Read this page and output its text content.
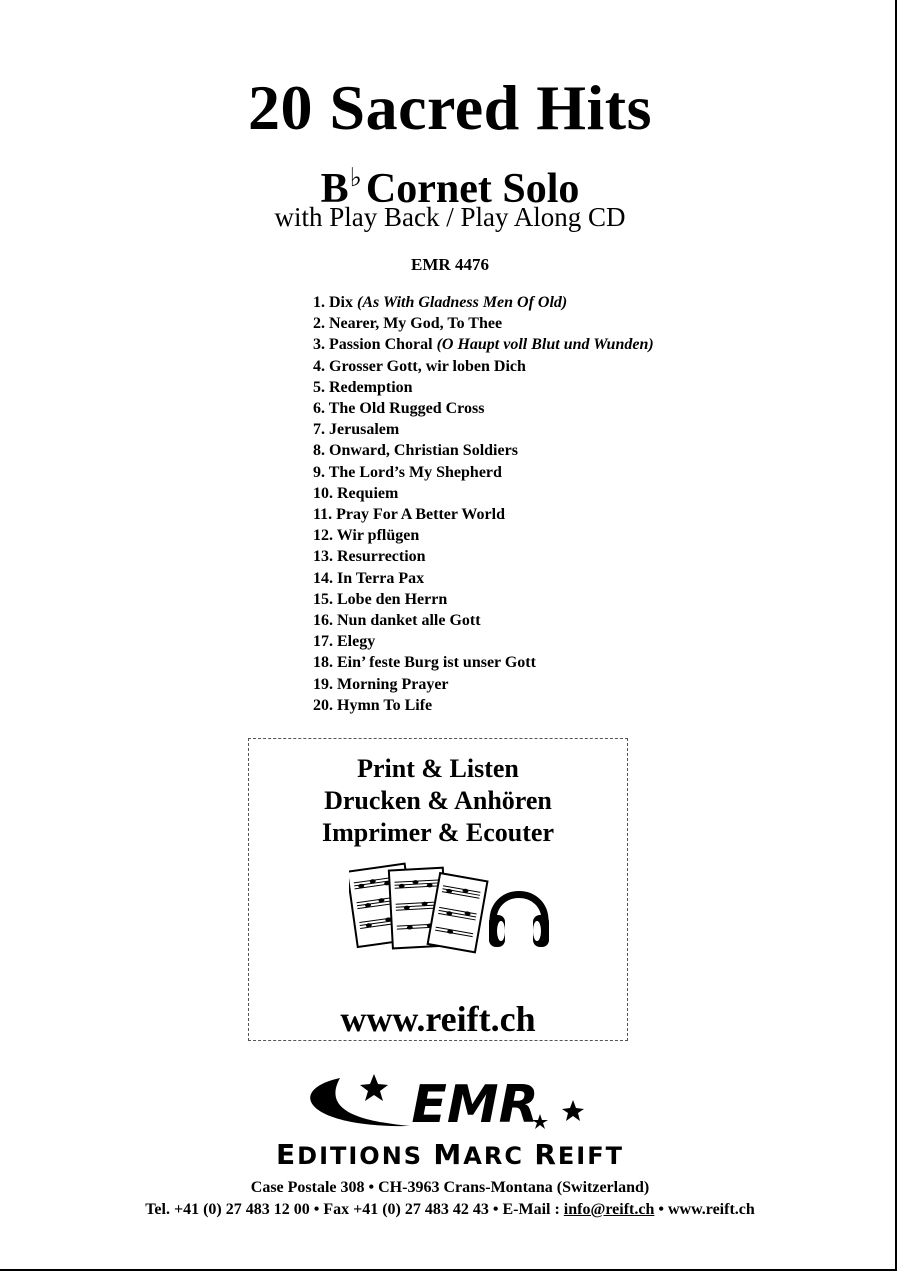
20 Sacred Hits
B♭Cornet Solo
with Play Back / Play Along CD
EMR 4476
1. Dix (As With Gladness Men Of Old)
2. Nearer, My God, To Thee
3. Passion Choral (O Haupt voll Blut und Wunden)
4. Grosser Gott, wir loben Dich
5. Redemption
6. The Old Rugged Cross
7. Jerusalem
8. Onward, Christian Soldiers
9. The Lord’s My Shepherd
10. Requiem
11. Pray For A Better World
12. Wir pflügen
13. Resurrection
14. In Terra Pax
15. Lobe den Herrn
16. Nun danket alle Gott
17. Elegy
18. Ein’ feste Burg ist unser Gott
19. Morning Prayer
20. Hymn To Life
Print & Listen
Drucken & Anhören
Imprimer & Ecouter
www.reift.ch
EMR
EDITIONS MARC REIFT
Case Postale 308 • CH-3963 Crans-Montana (Switzerland)
Tel. +41 (0) 27 483 12 00 • Fax +41 (0) 27 483 42 43 • E-Mail : info@reift.ch • www.reift.ch
